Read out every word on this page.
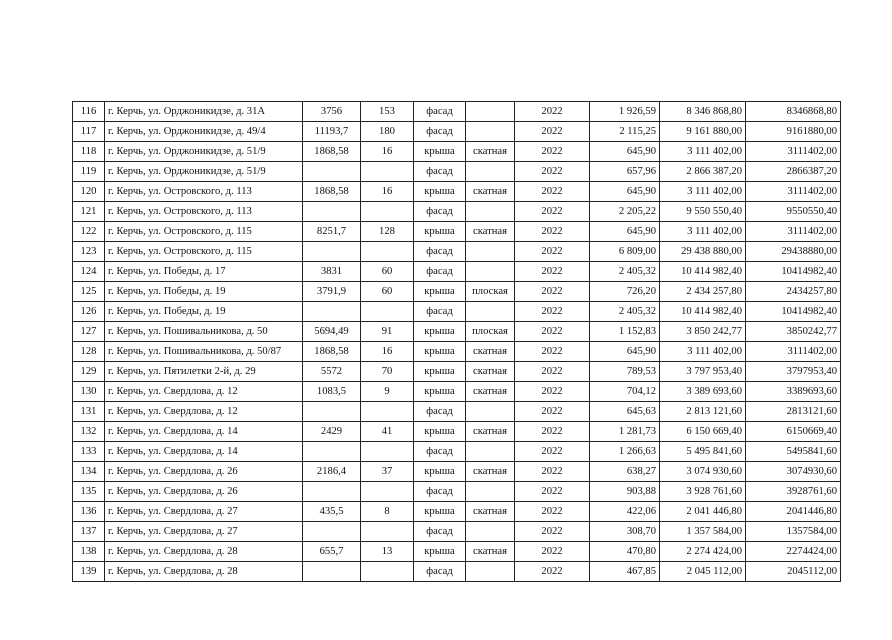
116	г. Керчь, ул. Орджоникидзе, д. 31А	3756	153	фасад		2022	1 926,59	8 346 868,80	8346868,80
117	г. Керчь, ул. Орджоникидзе, д. 49/4	11193,7	180	фасад		2022	2 115,25	9 161 880,00	9161880,00
118	г. Керчь, ул. Орджоникидзе, д. 51/9	1868,58	16	крыша	скатная	2022	645,90	3 111 402,00	3111402,00
119	г. Керчь, ул. Орджоникидзе, д. 51/9			фасад		2022	657,96	2 866 387,20	2866387,20
120	г. Керчь, ул. Островского, д. 113	1868,58	16	крыша	скатная	2022	645,90	3 111 402,00	3111402,00
121	г. Керчь, ул. Островского, д. 113			фасад		2022	2 205,22	9 550 550,40	9550550,40
122	г. Керчь, ул. Островского, д. 115	8251,7	128	крыша	скатная	2022	645,90	3 111 402,00	3111402,00
123	г. Керчь, ул. Островского, д. 115			фасад		2022	6 809,00	29 438 880,00	29438880,00
124	г. Керчь, ул. Победы, д. 17	3831	60	фасад		2022	2 405,32	10 414 982,40	10414982,40
125	г. Керчь, ул. Победы, д. 19	3791,9	60	крыша	плоская	2022	726,20	2 434 257,80	2434257,80
126	г. Керчь, ул. Победы, д. 19			фасад		2022	2 405,32	10 414 982,40	10414982,40
127	г. Керчь, ул. Пошивальникова, д. 50	5694,49	91	крыша	плоская	2022	1 152,83	3 850 242,77	3850242,77
128	г. Керчь, ул. Пошивальникова, д. 50/87	1868,58	16	крыша	скатная	2022	645,90	3 111 402,00	3111402,00
129	г. Керчь, ул. Пятилетки 2-й, д. 29	5572	70	крыша	скатная	2022	789,53	3 797 953,40	3797953,40
130	г. Керчь, ул. Свердлова, д. 12	1083,5	9	крыша	скатная	2022	704,12	3 389 693,60	3389693,60
131	г. Керчь, ул. Свердлова, д. 12			фасад		2022	645,63	2 813 121,60	2813121,60
132	г. Керчь, ул. Свердлова, д. 14	2429	41	крыша	скатная	2022	1 281,73	6 150 669,40	6150669,40
133	г. Керчь, ул. Свердлова, д. 14			фасад		2022	1 266,63	5 495 841,60	5495841,60
134	г. Керчь, ул. Свердлова, д. 26	2186,4	37	крыша	скатная	2022	638,27	3 074 930,60	3074930,60
135	г. Керчь, ул. Свердлова, д. 26			фасад		2022	903,88	3 928 761,60	3928761,60
136	г. Керчь, ул. Свердлова, д. 27	435,5	8	крыша	скатная	2022	422,06	2 041 446,80	2041446,80
137	г. Керчь, ул. Свердлова, д. 27			фасад		2022	308,70	1 357 584,00	1357584,00
138	г. Керчь, ул. Свердлова, д. 28	655,7	13	крыша	скатная	2022	470,80	2 274 424,00	2274424,00
139	г. Керчь, ул. Свердлова, д. 28			фасад		2022	467,85	2 045 112,00	2045112,00
